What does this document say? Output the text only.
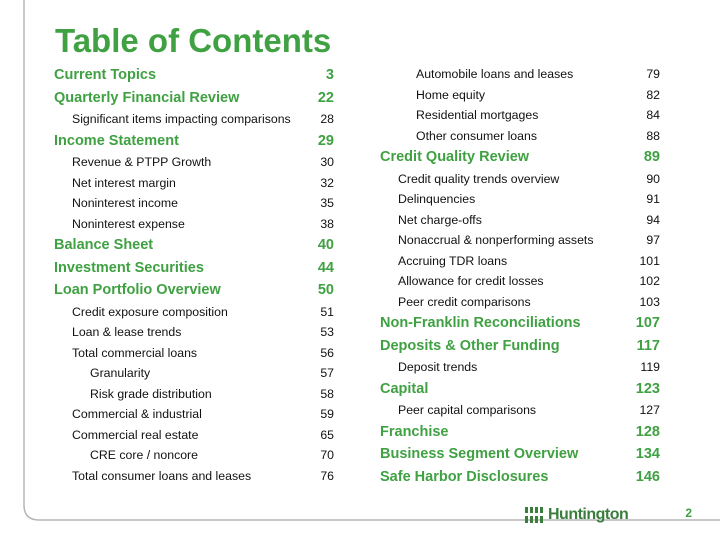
Table of Contents
Current Topics	3
Quarterly Financial Review	22
Significant items impacting comparisons 28
Income Statement	29
Revenue & PTPP Growth	30
Net interest margin	32
Noninterest income	35
Noninterest expense	38
Balance Sheet	40
Investment Securities	44
Loan Portfolio Overview	50
Credit exposure composition	51
Loan & lease trends	53
Total commercial loans	56
Granularity	57
Risk grade distribution	58
Commercial & industrial	59
Commercial real estate	65
CRE core / noncore	70
Total consumer loans and leases	76
Automobile loans and leases	79
Home equity	82
Residential mortgages	84
Other consumer loans	88
Credit Quality Review	89
Credit quality trends overview	90
Delinquencies	91
Net charge-offs	94
Nonaccrual & nonperforming assets	97
Accruing TDR loans	101
Allowance for credit losses	102
Peer credit comparisons	103
Non-Franklin Reconciliations	107
Deposits & Other Funding	117
Deposit trends	119
Capital	123
Peer capital comparisons	127
Franchise	128
Business Segment Overview	134
Safe Harbor Disclosures	146
Huntington	2
